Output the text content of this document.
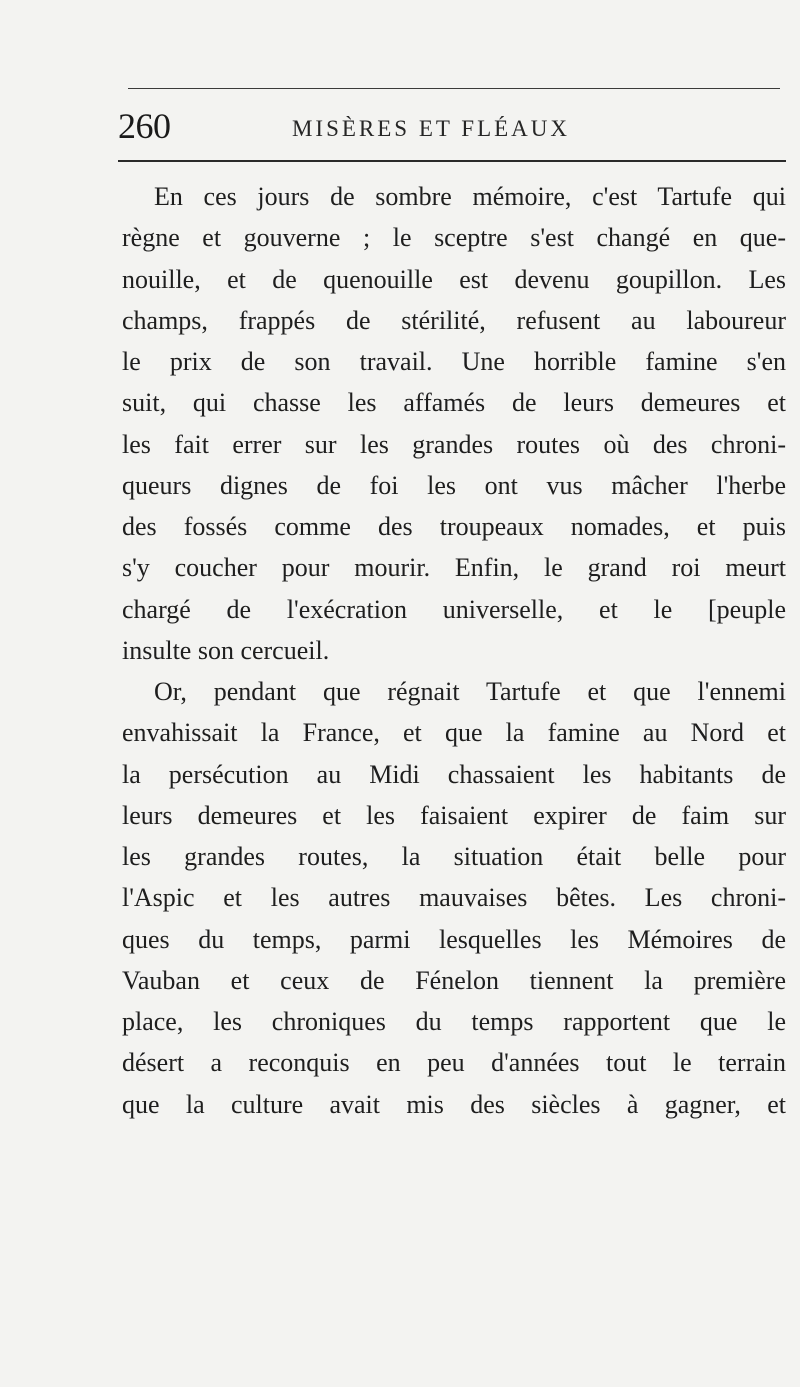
260	MISÈRES ET FLÉAUX
En ces jours de sombre mémoire, c'est Tartufe qui
règne et gouverne ; le sceptre s'est changé en que-
nouille, et de quenouille est devenu goupillon. Les
champs, frappés de stérilité, refusent au laboureur
le prix de son travail. Une horrible famine s'en
suit, qui chasse les affamés de leurs demeures et
les fait errer sur les grandes routes où des chroni-
queurs dignes de foi les ont vus mâcher l'herbe
des fossés comme des troupeaux nomades, et puis
s'y coucher pour mourir. Enfin, le grand roi meurt
chargé de l'exécration universelle, et le [peuple
insulte son cercueil.
Or, pendant que régnait Tartufe et que l'ennemi
envahissait la France, et que la famine au Nord et
la persécution au Midi chassaient les habitants de
leurs demeures et les faisaient expirer de faim sur
les grandes routes, la situation était belle pour
l'Aspic et les autres mauvaises bêtes. Les chroni-
ques du temps, parmi lesquelles les Mémoires de
Vauban et ceux de Fénelon tiennent la première
place, les chroniques du temps rapportent que le
désert a reconquis en peu d'années tout le terrain
que la culture avait mis des siècles à gagner, et
